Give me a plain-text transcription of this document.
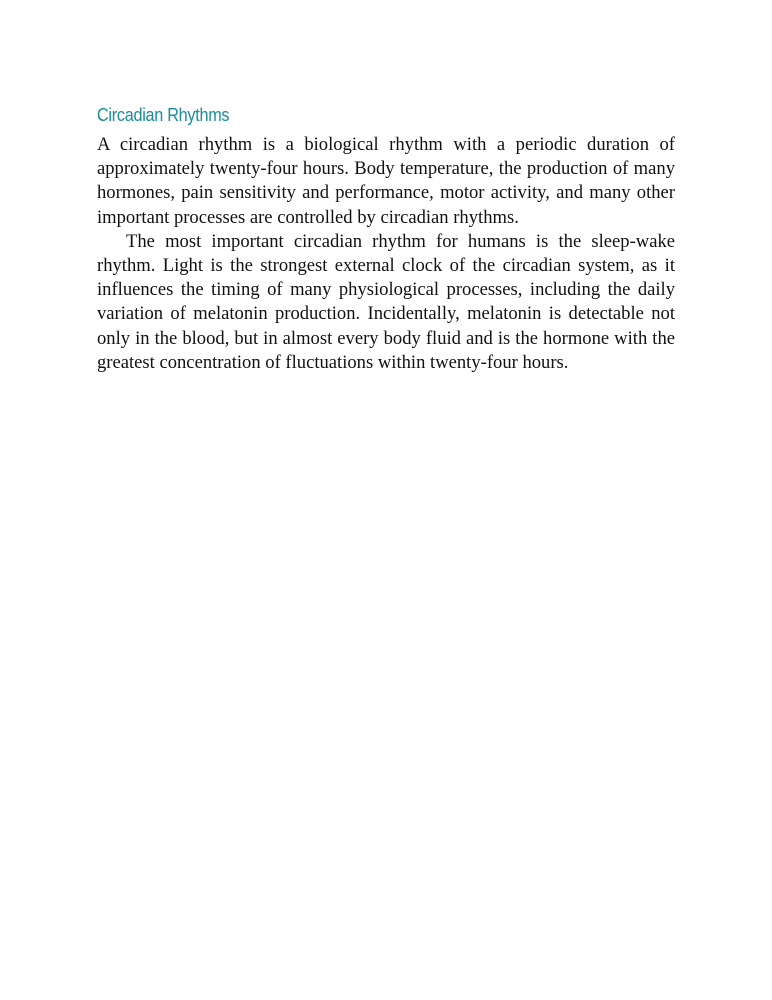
Circadian Rhythms

A circadian rhythm is a biological rhythm with a periodic duration of approximately twenty-four hours. Body temperature, the production of many hormones, pain sensitivity and performance, motor activity, and many other important processes are controlled by circadian rhythms.

The most important circadian rhythm for humans is the sleep-wake rhythm. Light is the strongest external clock of the circadian system, as it influences the timing of many physiological processes, including the daily variation of melatonin production. Incidentally, melatonin is detectable not only in the blood, but in almost every body fluid and is the hormone with the greatest concentration of fluctuations within twenty-four hours.
